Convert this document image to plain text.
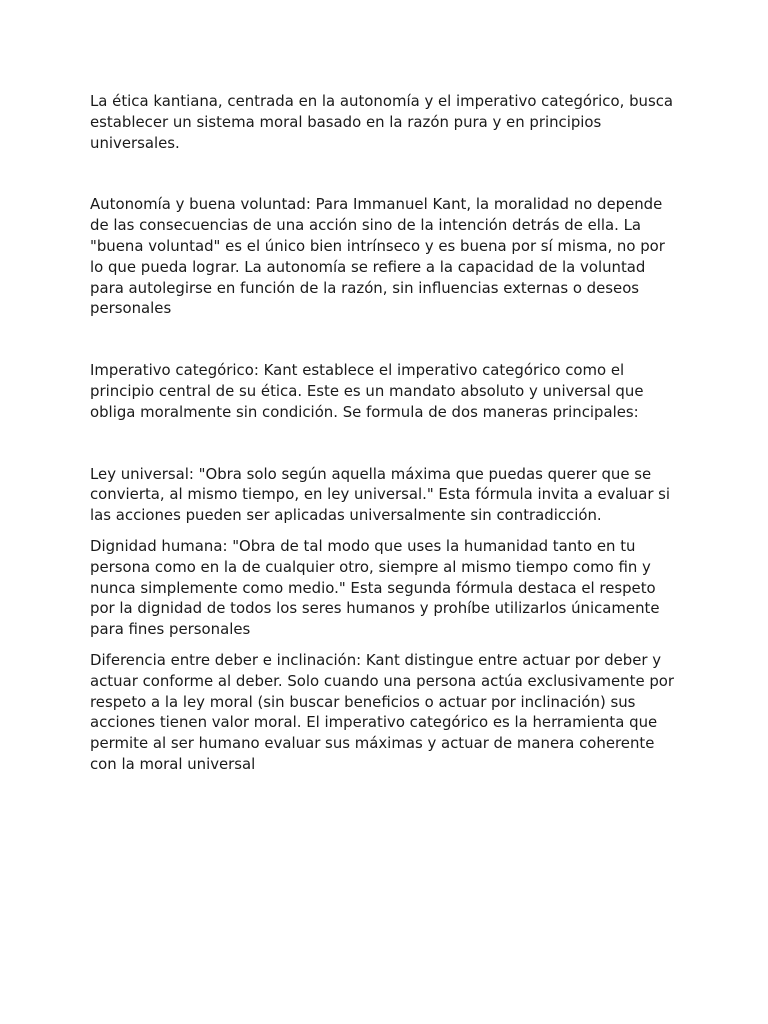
La ética kantiana, centrada en la autonomía y el imperativo categórico, busca establecer un sistema moral basado en la razón pura y en principios universales.

Autonomía y buena voluntad: Para Immanuel Kant, la moralidad no depende de las consecuencias de una acción sino de la intención detrás de ella. La "buena voluntad" es el único bien intrínseco y es buena por sí misma, no por lo que pueda lograr. La autonomía se refiere a la capacidad de la voluntad para autolegirse en función de la razón, sin influencias externas o deseos personales

Imperativo categórico: Kant establece el imperativo categórico como el principio central de su ética. Este es un mandato absoluto y universal que obliga moralmente sin condición. Se formula de dos maneras principales:

Ley universal: "Obra solo según aquella máxima que puedas querer que se convierta, al mismo tiempo, en ley universal." Esta fórmula invita a evaluar si las acciones pueden ser aplicadas universalmente sin contradicción.

Dignidad humana: "Obra de tal modo que uses la humanidad tanto en tu persona como en la de cualquier otro, siempre al mismo tiempo como fin y nunca simplemente como medio." Esta segunda fórmula destaca el respeto por la dignidad de todos los seres humanos y prohíbe utilizarlos únicamente para fines personales

Diferencia entre deber e inclinación: Kant distingue entre actuar por deber y actuar conforme al deber. Solo cuando una persona actúa exclusivamente por respeto a la ley moral (sin buscar beneficios o actuar por inclinación) sus acciones tienen valor moral. El imperativo categórico es la herramienta que permite al ser humano evaluar sus máximas y actuar de manera coherente con la moral universal
